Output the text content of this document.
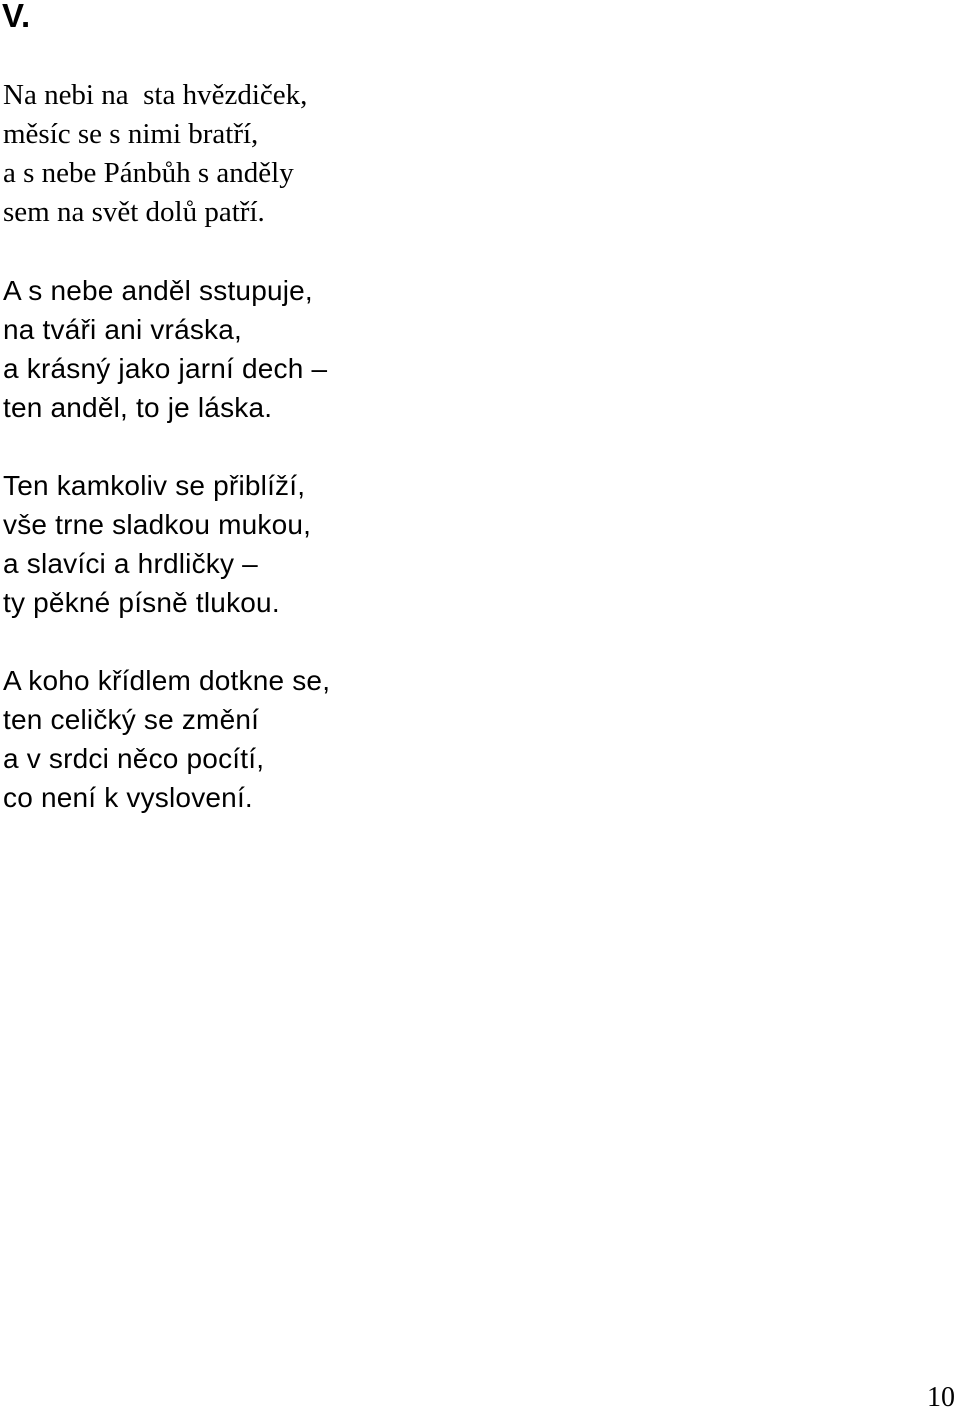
V.
Na nebi na  sta hvězdiček,
měsíc se s nimi bratří,
a s nebe Pánbůh s anděly
sem na svět dolů patří.
A s nebe anděl sstupuje,
na tváři ani vráska,
a krásný jako jarní dech –
ten anděl, to je láska.
Ten kamkoliv se přiblíží,
vše trne sladkou mukou,
a slavíci a hrdličky –
ty pěkné písně tlukou.
A koho křídlem dotkne se,
ten celičký se změní
a v srdci něco pocítí,
co není k vyslovení.

10
